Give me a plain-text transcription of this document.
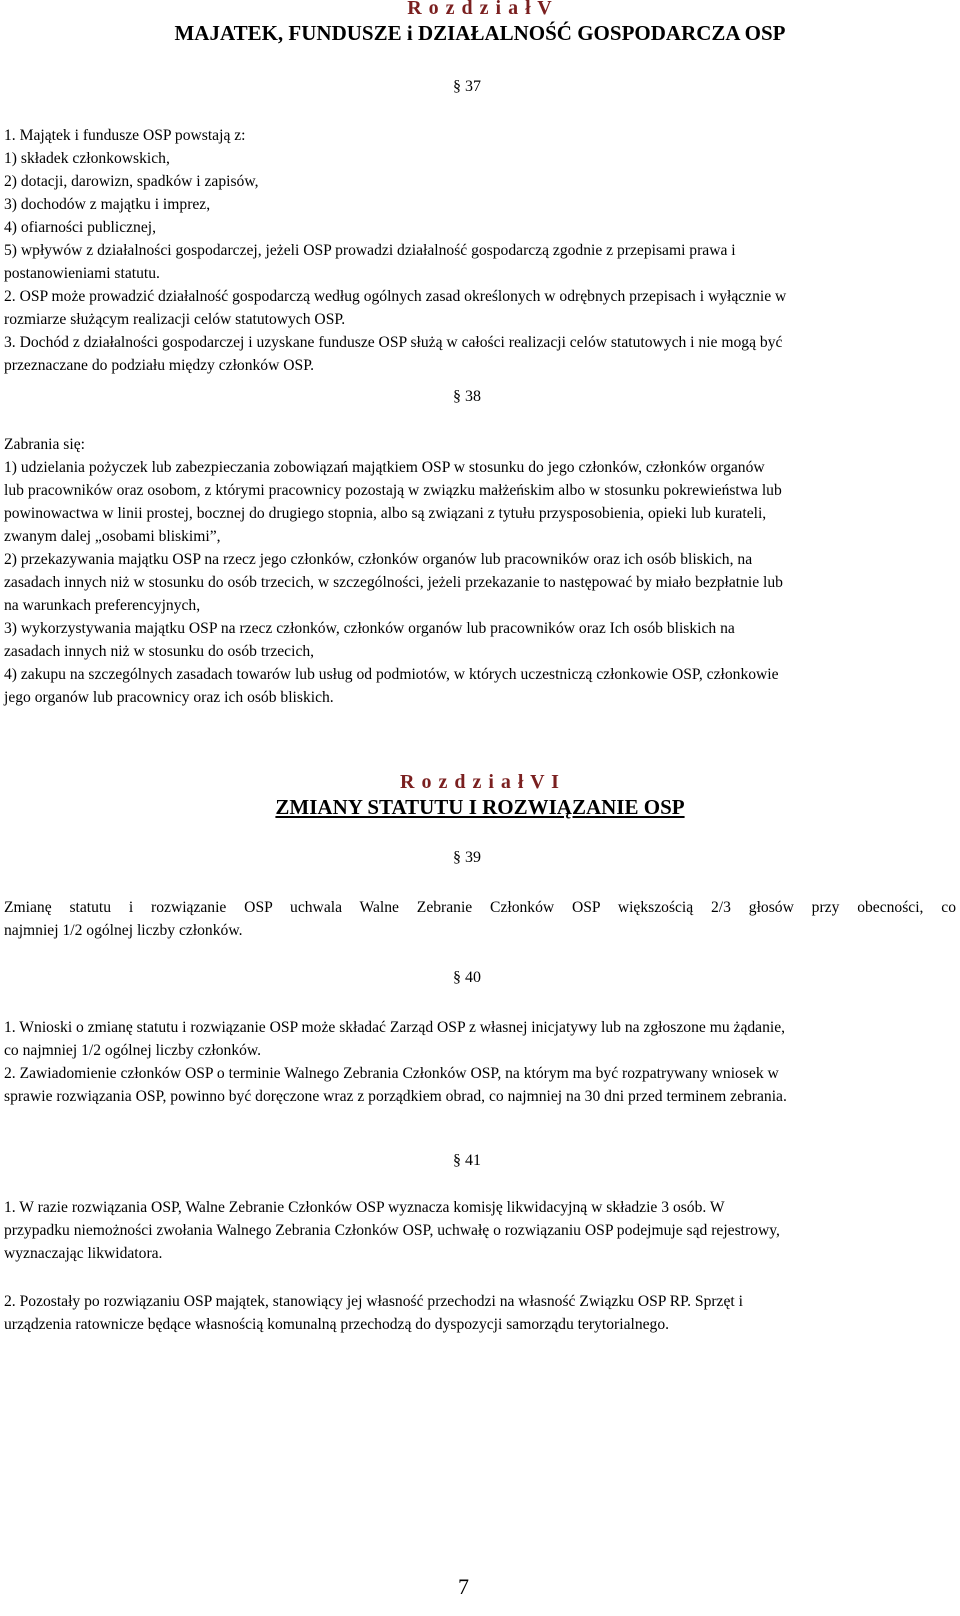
R o z d z i a ł V
MAJATEK, FUNDUSZE i DZIAŁALNOŚĆ GOSPODARCZA OSP
§ 37
1. Majątek i fundusze OSP powstają z:
1) składek członkowskich,
2) dotacji, darowizn, spadków i zapisów,
3) dochodów z majątku i imprez,
4) ofiarności publicznej,
5) wpływów z działalności gospodarczej, jeżeli OSP prowadzi działalność gospodarczą zgodnie z przepisami prawa i
postanowieniami statutu.
2. OSP może prowadzić działalność gospodarczą według ogólnych zasad określonych w odrębnych przepisach i wyłącznie w
rozmiarze służącym realizacji celów statutowych OSP.
3. Dochód z działalności gospodarczej i uzyskane fundusze OSP służą w całości realizacji celów statutowych i nie mogą być
przeznaczane do podziału między członków OSP.
§ 38
Zabrania się:
1) udzielania pożyczek lub zabezpieczania zobowiązań majątkiem OSP w stosunku do jego członków, członków organów
lub pracowników oraz osobom, z którymi pracownicy pozostają w związku małżeńskim albo w stosunku pokrewieństwa lub
powinowactwa w linii prostej, bocznej do drugiego stopnia, albo są związani z tytułu przysposobienia, opieki lub kurateli,
zwanym dalej „osobami bliskimi”,
2) przekazywania majątku OSP na rzecz jego członków, członków organów lub pracowników oraz ich osób bliskich, na
zasadach innych niż w stosunku do osób trzecich, w szczególności, jeżeli przekazanie to następować by miało bezpłatnie lub
na warunkach preferencyjnych,
3) wykorzystywania majątku OSP na rzecz członków, członków organów lub pracowników oraz Ich osób bliskich na
zasadach innych niż w stosunku do osób trzecich,
4) zakupu na szczególnych zasadach towarów lub usług od podmiotów, w których uczestniczą członkowie OSP, członkowie
jego organów lub pracownicy oraz ich osób bliskich.
R o z d z i a ł V I
ZMIANY STATUTU I ROZWIĄZANIE OSP
§ 39
Zmianę statutu i rozwiązanie OSP uchwala Walne Zebranie Członków OSP większością 2/3 głosów przy obecności, co
najmniej 1/2 ogólnej liczby członków.
§ 40
1. Wnioski o zmianę statutu i rozwiązanie OSP może składać Zarząd OSP z własnej inicjatywy lub na zgłoszone mu żądanie,
co najmniej 1/2 ogólnej liczby członków.
2. Zawiadomienie członków OSP o terminie Walnego Zebrania Członków OSP, na którym ma być rozpatrywany wniosek w
sprawie rozwiązania OSP, powinno być doręczone wraz z porządkiem obrad, co najmniej na 30 dni przed terminem zebrania.
§ 41
1. W razie rozwiązania OSP, Walne Zebranie Członków OSP wyznacza komisję likwidacyjną w składzie 3 osób. W
przypadku niemożności zwołania Walnego Zebrania Członków OSP, uchwałę o rozwiązaniu OSP podejmuje sąd rejestrowy,
wyznaczając likwidatora.
2. Pozostały po rozwiązaniu OSP majątek, stanowiący jej własność przechodzi na własność Związku OSP RP. Sprzęt i
urządzenia ratownicze będące własnością komunalną przechodzą do dyspozycji samorządu terytorialnego.
7
